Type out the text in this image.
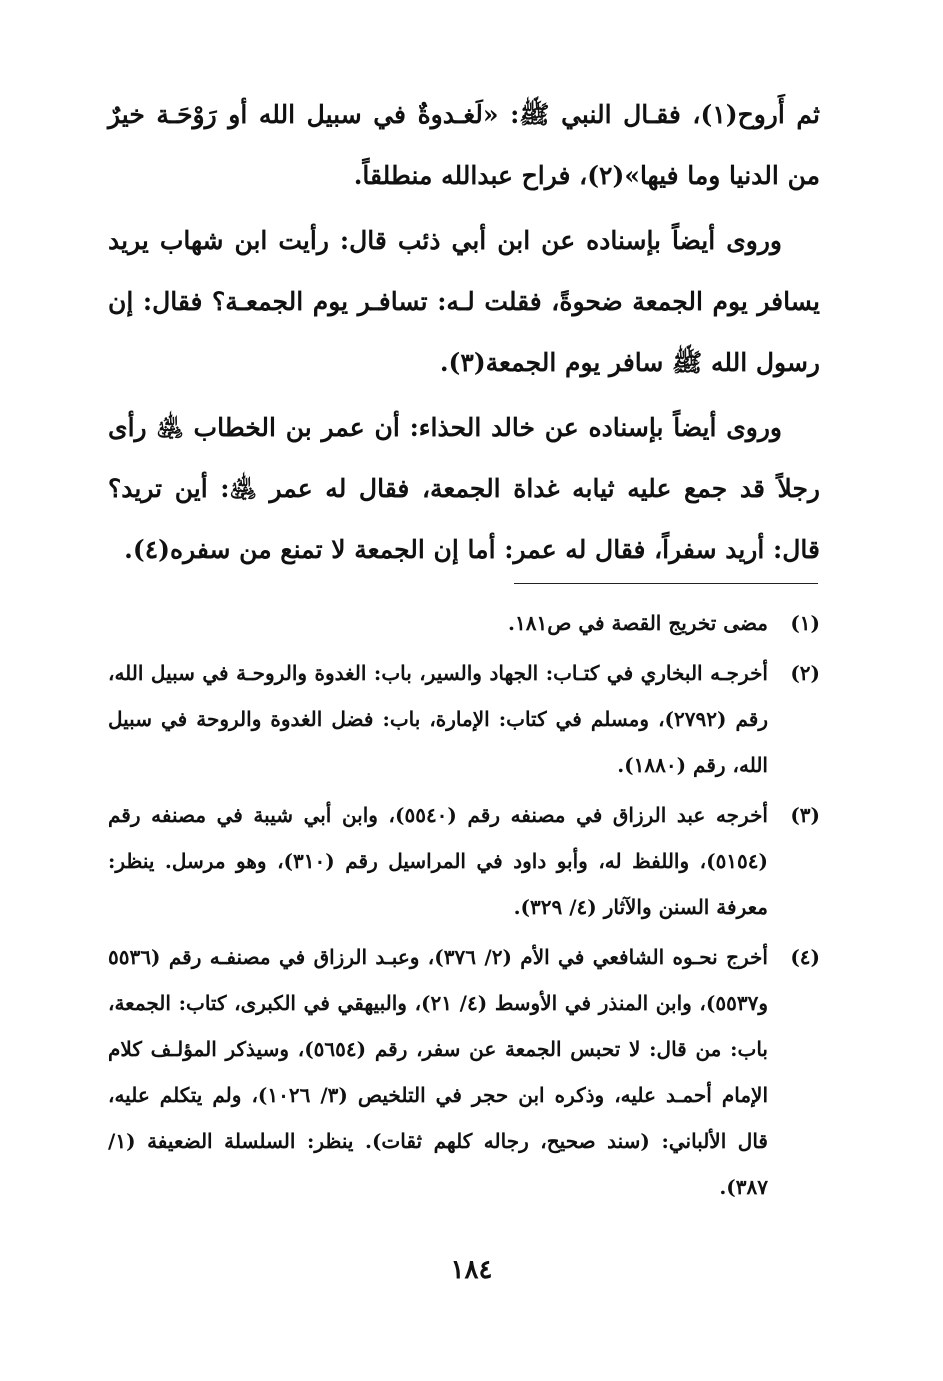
ثم أَروح(١)، فقـال النبي ﷺ: «لَغـدوةٌ في سبيل الله أو رَوْحَـة خيرٌ من الدنيا وما فيها»(٢)، فراح عبدالله منطلقاً.

وروى أيضاً بإسناده عن ابن أبي ذئب قال: رأيت ابن شهاب يريد يسافر يوم الجمعة ضحوةً، فقلت لـه: تسافـر يوم الجمعـة؟ فقال: إن رسول الله ﷺ سافر يوم الجمعة(٣).

وروى أيضاً بإسناده عن خالد الحذاء: أن عمر بن الخطاب ﵁ رأى رجلاً قد جمع عليه ثيابه غداة الجمعة، فقال له عمر ﵁: أين تريد؟ قال: أريد سفراً، فقال له عمر: أما إن الجمعة لا تمنع من سفره(٤).

(١)
مضى تخريج القصة في ص١٨١.
(٢)
أخرجـه البخاري في كتـاب: الجهاد والسير، باب: الغدوة والروحـة في سبيل الله، رقم (٢٧٩٢)، ومسلم في كتاب: الإمارة، باب: فضل الغدوة والروحة في سبيل الله، رقم (١٨٨٠).
(٣)
أخرجه عبد الرزاق في مصنفه رقم (٥٥٤٠)، وابن أبي شيبة في مصنفه رقم (٥١٥٤)، واللفظ له، وأبو داود في المراسيل رقم (٣١٠)، وهو مرسل. ينظر: معرفة السنن والآثار (٤/ ٣٢٩).
(٤)
أخرج نحـوه الشافعي في الأم (٢/ ٣٧٦)، وعبـد الرزاق في مصنفـه رقم (٥٥٣٦ و٥٥٣٧)، وابن المنذر في الأوسط (٤/ ٢١)، والبيهقي في الكبرى، كتاب: الجمعة، باب: من قال: لا تحبس الجمعة عن سفر، رقم (٥٦٥٤)، وسيذكر المؤلـف كلام الإمام أحمـد عليه، وذكره ابن حجر في التلخيص (٣/ ١٠٢٦)، ولم يتكلم عليه، قال الألباني: (سند صحيح، رجاله كلهم ثقات). ينظر: السلسلة الضعيفة (١/ ٣٨٧).
١٨٤
